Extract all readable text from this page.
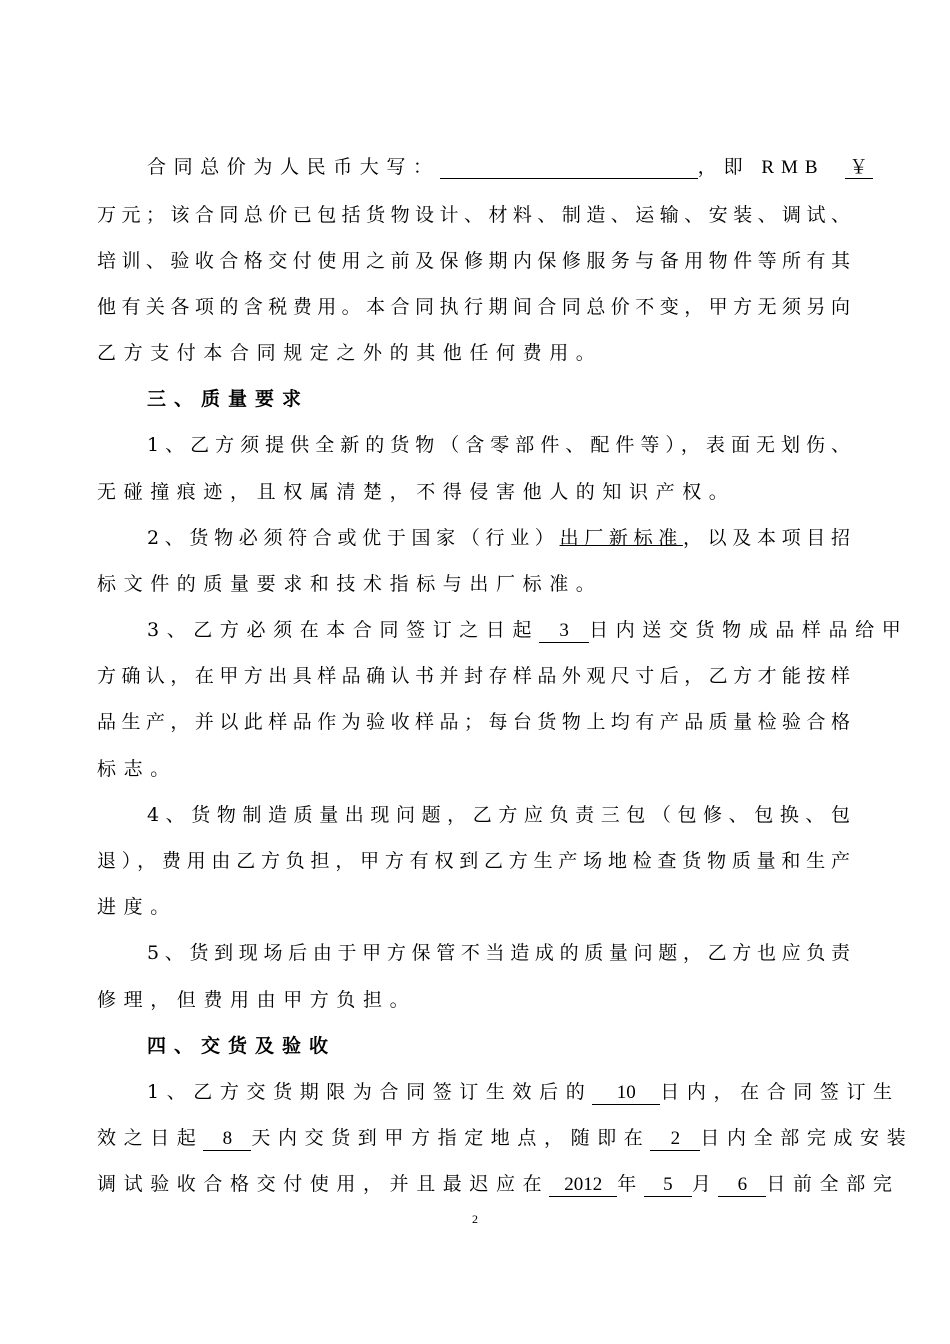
合同总价为人民币大写：	，即 RMB ￥
万元；该合同总价已包括货物设计、材料、制造、运输、安装、调试、
培训、验收合格交付使用之前及保修期内保修服务与备用物件等所有其
他有关各项的含税费用。本合同执行期间合同总价不变，甲方无须另向
乙方支付本合同规定之外的其他任何费用。
三、质量要求
1、乙方须提供全新的货物（含零部件、配件等），表面无划伤、
无碰撞痕迹，且权属清楚，不得侵害他人的知识产权。
2、货物必须符合或优于国家（行业）出厂新标准，以及本项目招
标文件的质量要求和技术指标与出厂标准。
3、乙方必须在本合同签订之日起 3 日内送交货物成品样品给甲
方确认，在甲方出具样品确认书并封存样品外观尺寸后，乙方才能按样
品生产，并以此样品作为验收样品；每台货物上均有产品质量检验合格
标志。
4、货物制造质量出现问题，乙方应负责三包（包修、包换、包
退），费用由乙方负担，甲方有权到乙方生产场地检查货物质量和生产
进度。
5、货到现场后由于甲方保管不当造成的质量问题，乙方也应负责
修理，但费用由甲方负担。
四、交货及验收
1、乙方交货期限为合同签订生效后的 10 日内，在合同签订生
效之日起 8 天内交货到甲方指定地点，随即在 2 日内全部完成安装
调试验收合格交付使用，并且最迟应在 2012 年 5 月 6 日前全部完
2
